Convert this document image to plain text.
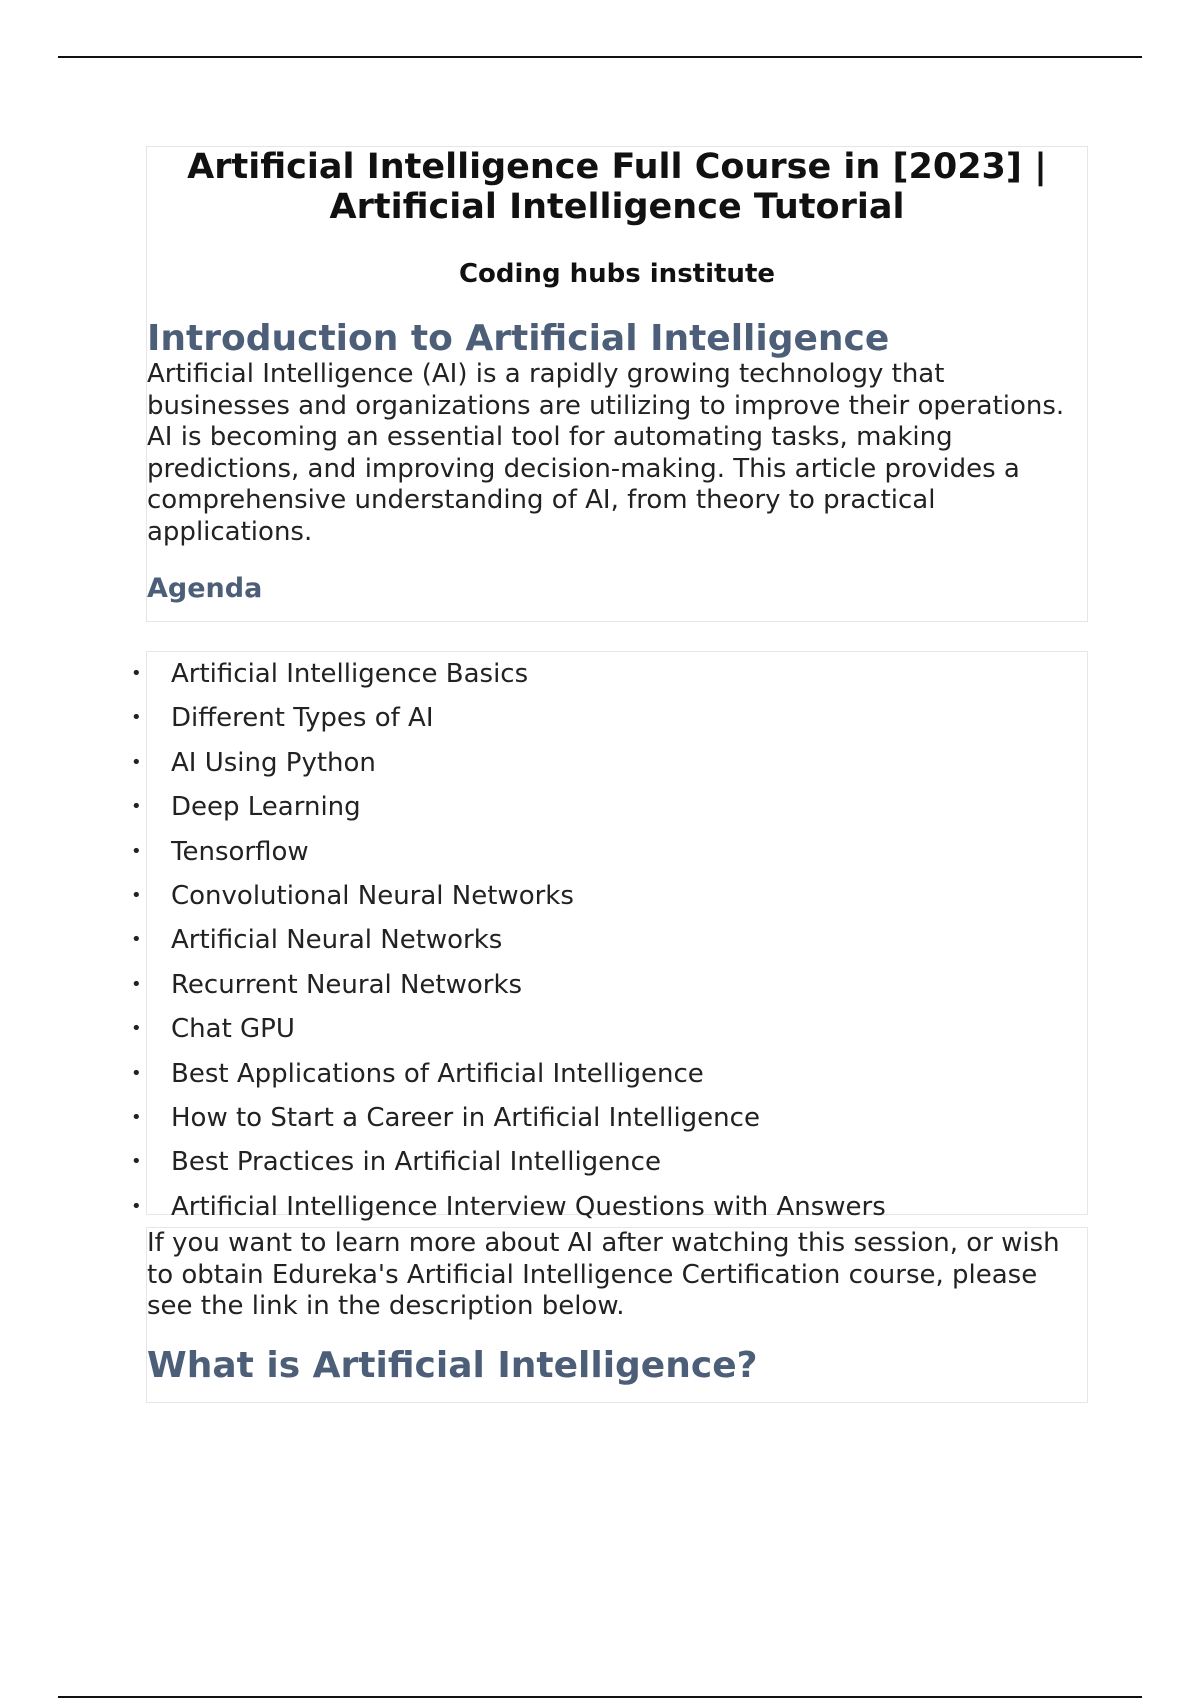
Artificial Intelligence Full Course in [2023] | Artificial Intelligence Tutorial

Coding hubs institute

Introduction to Artificial Intelligence

Artificial Intelligence (AI) is a rapidly growing technology that businesses and organizations are utilizing to improve their operations. AI is becoming an essential tool for automating tasks, making predictions, and improving decision-making. This article provides a comprehensive understanding of AI, from theory to practical applications.

Agenda
• Artificial Intelligence Basics
• Different Types of AI
• AI Using Python
• Deep Learning
• Tensorflow
• Convolutional Neural Networks
• Artificial Neural Networks
• Recurrent Neural Networks
• Chat GPU
• Best Applications of Artificial Intelligence
• How to Start a Career in Artificial Intelligence
• Best Practices in Artificial Intelligence
• Artificial Intelligence Interview Questions with Answers

If you want to learn more about AI after watching this session, or wish to obtain Edureka's Artificial Intelligence Certification course, please see the link in the description below.

What is Artificial Intelligence?
